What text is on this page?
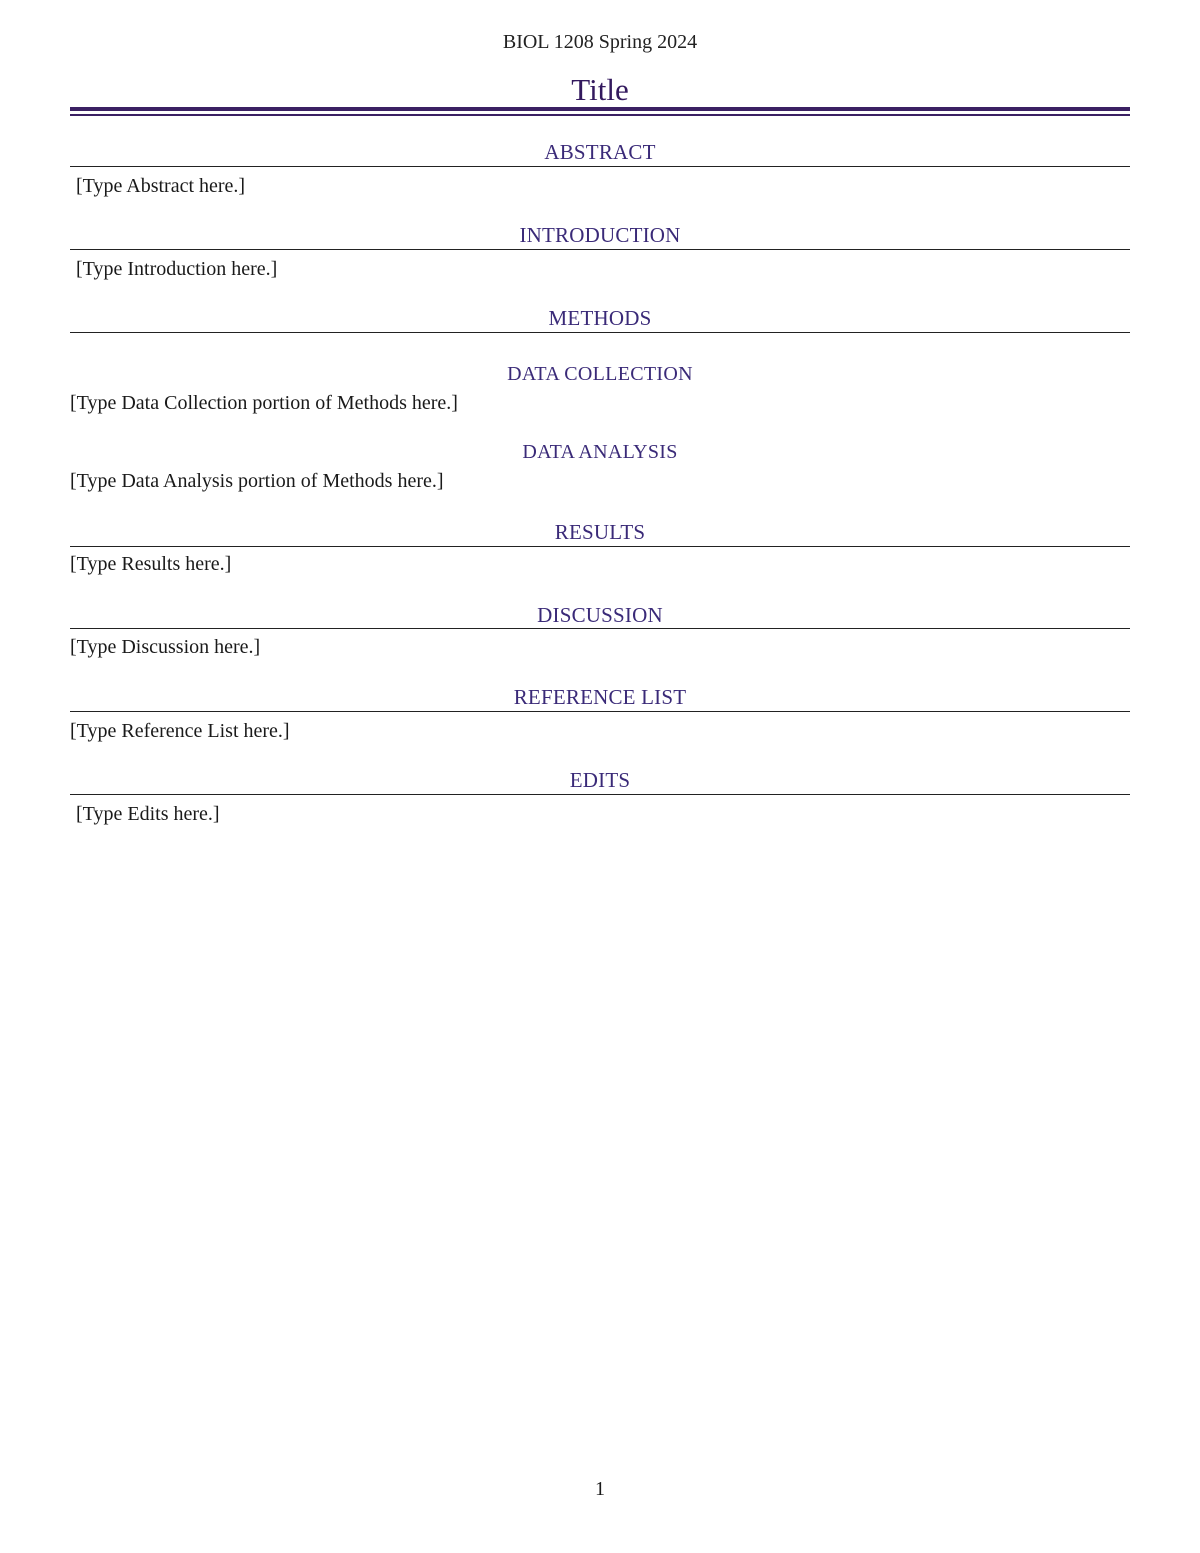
BIOL 1208 Spring 2024
Title
ABSTRACT
[Type Abstract here.]
INTRODUCTION
[Type Introduction here.]
METHODS
DATA COLLECTION
[Type Data Collection portion of Methods here.]
DATA ANALYSIS
[Type Data Analysis portion of Methods here.]
RESULTS
[Type Results here.]
DISCUSSION
[Type Discussion here.]
REFERENCE LIST
[Type Reference List here.]
EDITS
[Type Edits here.]
1
